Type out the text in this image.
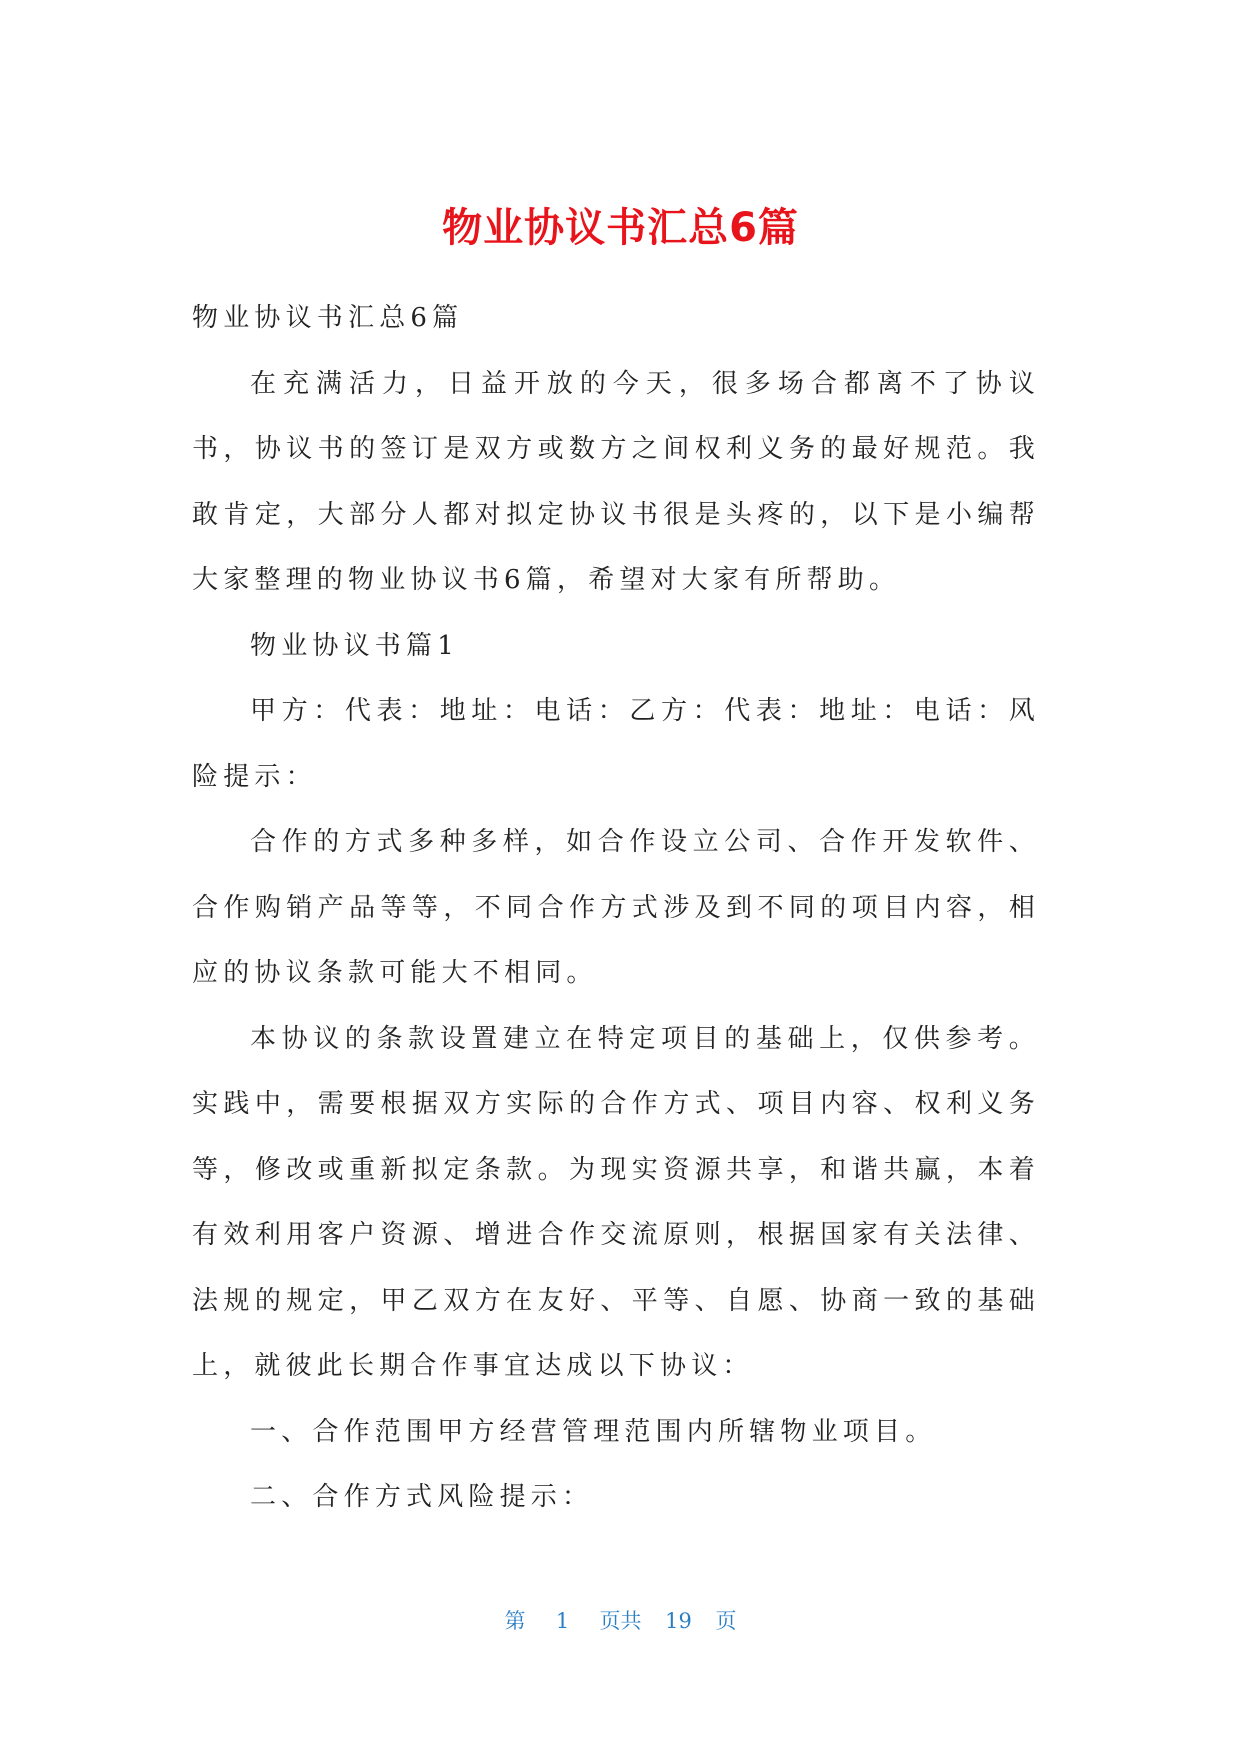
物业协议书汇总6篇

物业协议书汇总6篇

在充满活力，日益开放的今天，很多场合都离不了协议书，协议书的签订是双方或数方之间权利义务的最好规范。我敢肯定，大部分人都对拟定协议书很是头疼的，以下是小编帮大家整理的物业协议书6篇，希望对大家有所帮助。

物业协议书篇1

甲方：代表：地址：电话：乙方：代表：地址：电话：风险提示：

合作的方式多种多样，如合作设立公司、合作开发软件、合作购销产品等等，不同合作方式涉及到不同的项目内容，相应的协议条款可能大不相同。

本协议的条款设置建立在特定项目的基础上，仅供参考。实践中，需要根据双方实际的合作方式、项目内容、权利义务等，修改或重新拟定条款。为现实资源共享，和谐共赢，本着有效利用客户资源、增进合作交流原则，根据国家有关法律、法规的规定，甲乙双方在友好、平等、自愿、协商一致的基础上，就彼此长期合作事宜达成以下协议：

一、合作范围甲方经营管理范围内所辖物业项目。

二、合作方式风险提示：

第 1 页共 19 页
